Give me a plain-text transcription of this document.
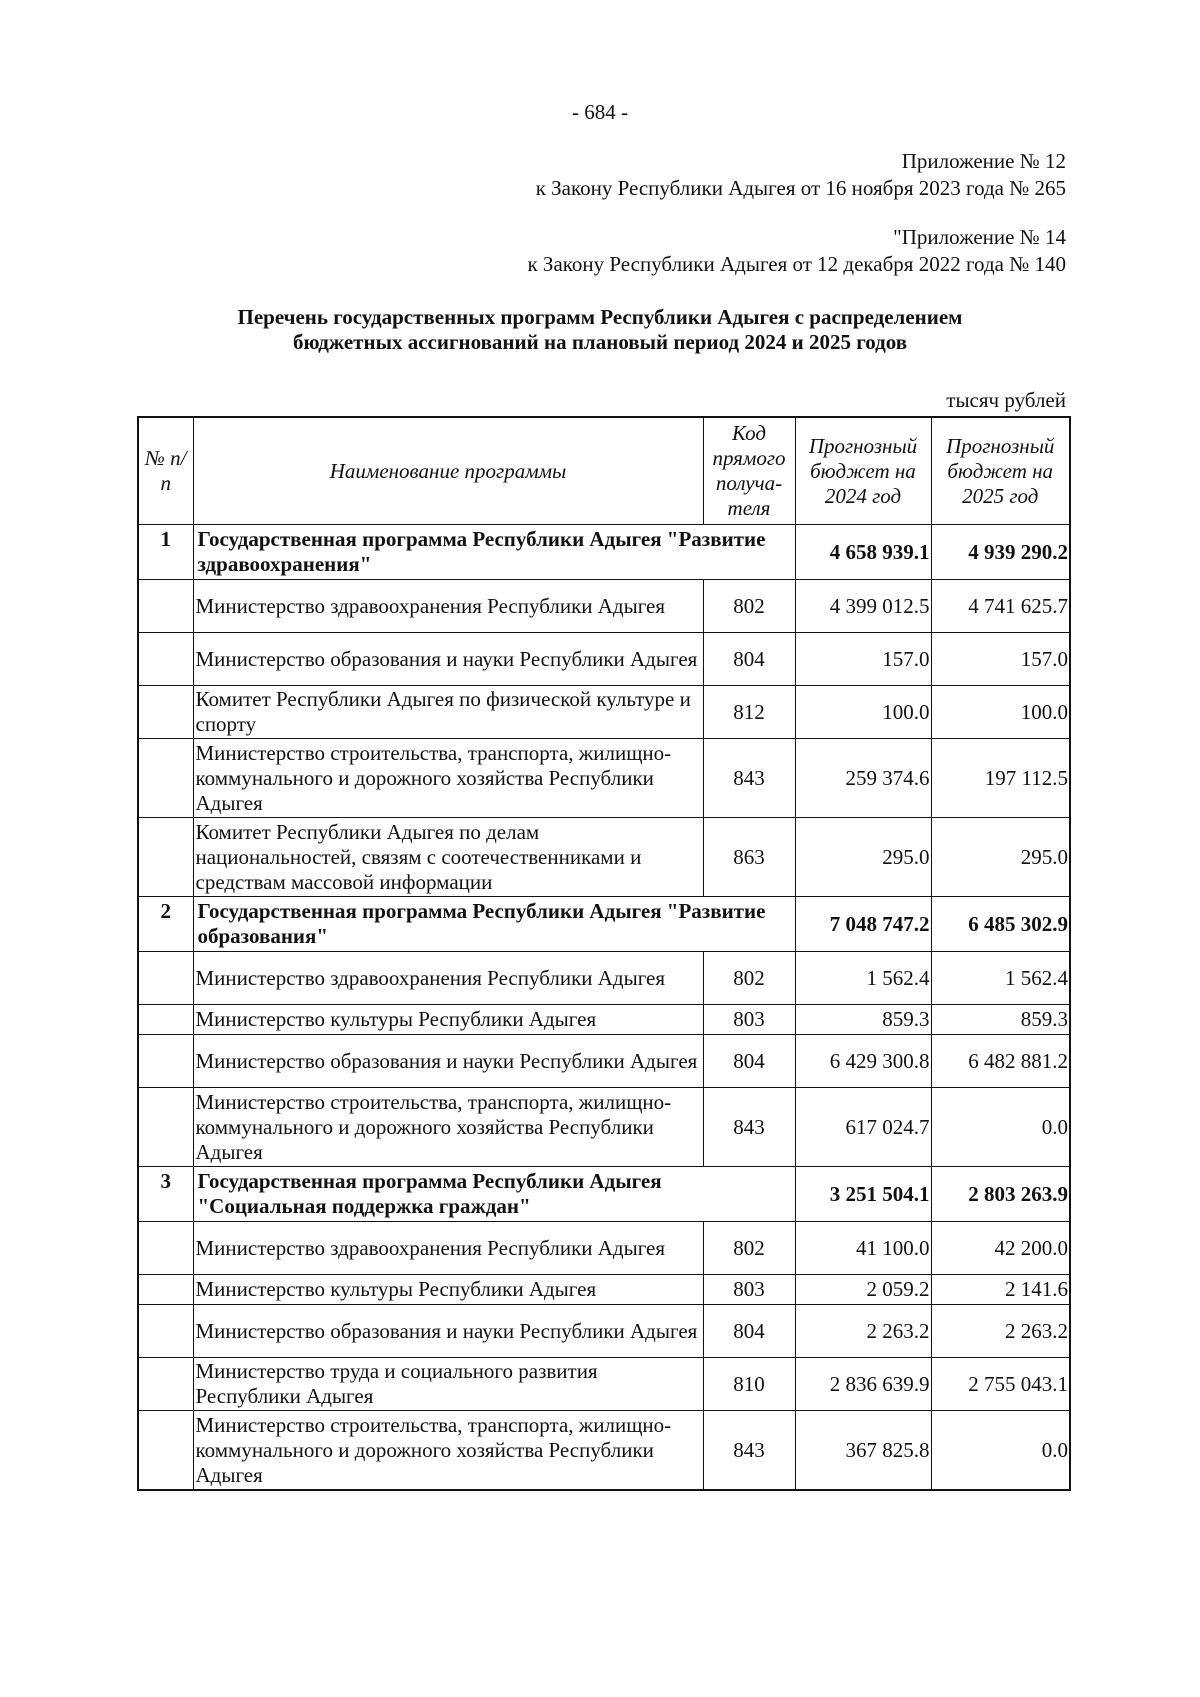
- 684 -
Приложение № 12
к Закону Республики Адыгея от 16 ноября 2023 года № 265
"Приложение № 14
к Закону Республики Адыгея от 12 декабря 2022 года № 140
Перечень государственных программ Республики Адыгея с распределением
бюджетных ассигнований на плановый период 2024 и 2025 годов
тысяч рублей
№ п/п	Наименование программы	Код прямого получа-теля	Прогнозный бюджет на 2024 год	Прогнозный бюджет на 2025 год
1	Государственная программа Республики Адыгея "Развитие здравоохранения"		4 658 939.1	4 939 290.2
	Министерство здравоохранения Республики Адыгея	802	4 399 012.5	4 741 625.7
	Министерство образования и науки Республики Адыгея	804	157.0	157.0
	Комитет Республики Адыгея по физической культуре и спорту	812	100.0	100.0
	Министерство строительства, транспорта, жилищно-коммунального и дорожного хозяйства Республики Адыгея	843	259 374.6	197 112.5
	Комитет Республики Адыгея по делам национальностей, связям с соотечественниками и средствам массовой информации	863	295.0	295.0
2	Государственная программа Республики Адыгея "Развитие образования"		7 048 747.2	6 485 302.9
	Министерство здравоохранения Республики Адыгея	802	1 562.4	1 562.4
	Министерство культуры Республики Адыгея	803	859.3	859.3
	Министерство образования и науки Республики Адыгея	804	6 429 300.8	6 482 881.2
	Министерство строительства, транспорта, жилищно-коммунального и дорожного хозяйства Республики Адыгея	843	617 024.7	0.0
3	Государственная программа Республики Адыгея "Социальная поддержка граждан"		3 251 504.1	2 803 263.9
	Министерство здравоохранения Республики Адыгея	802	41 100.0	42 200.0
	Министерство культуры Республики Адыгея	803	2 059.2	2 141.6
	Министерство образования и науки Республики Адыгея	804	2 263.2	2 263.2
	Министерство труда и социального развития Республики Адыгея	810	2 836 639.9	2 755 043.1
	Министерство строительства, транспорта, жилищно-коммунального и дорожного хозяйства Республики Адыгея	843	367 825.8	0.0
